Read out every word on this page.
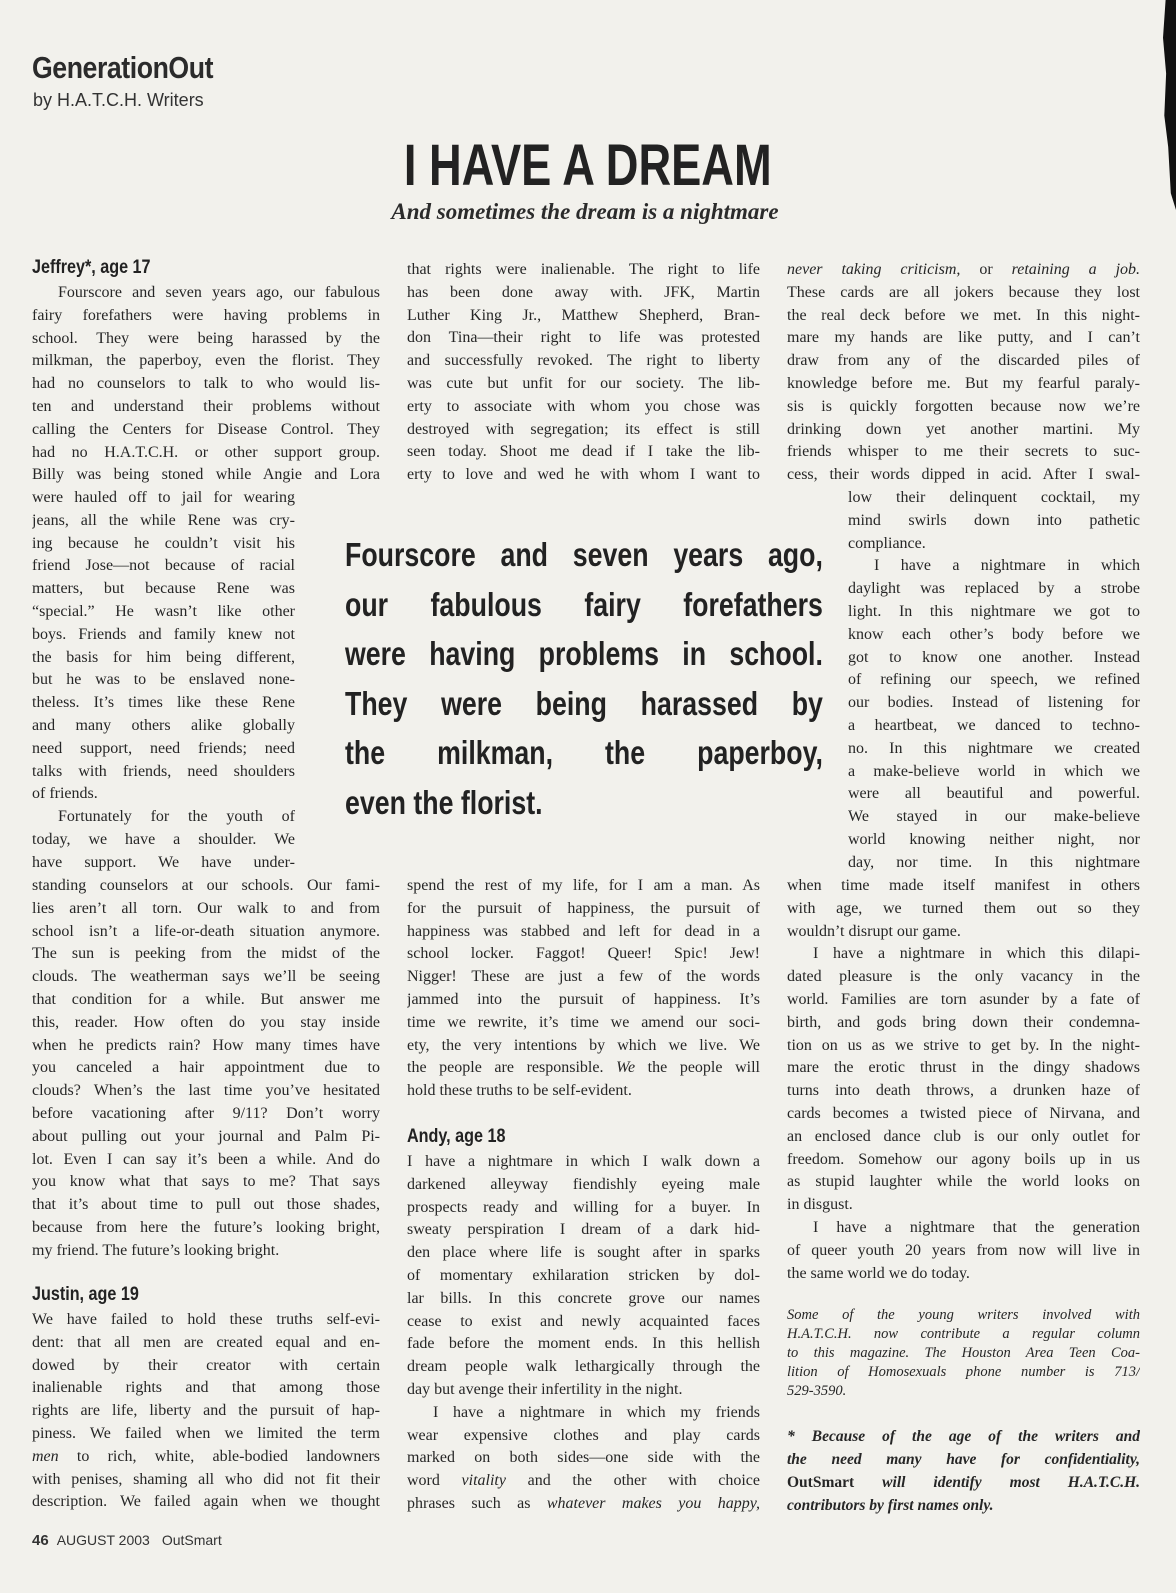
GenerationOut
by H.A.T.C.H. Writers
I HAVE A DREAM
And sometimes the dream is a nightmare
Jeffrey*, age 17
Justin, age 19
Andy, age 18
Fourscore and seven years ago, our fabulous
fairy forefathers were having problems in
school. They were being harassed by the
milkman, the paperboy, even the florist. They
had no counselors to talk to who would lis-
ten and understand their problems without
calling the Centers for Disease Control. They
had no H.A.T.C.H. or other support group.
Billy was being stoned while Angie and Lora
were hauled off to jail for wearing
jeans, all the while Rene was cry-
ing because he couldn’t visit his
friend Jose—not because of racial
matters, but because Rene was
“special.” He wasn’t like other
boys. Friends and family knew not
the basis for him being different,
but he was to be enslaved none-
theless. It’s times like these Rene
and many others alike globally
need support, need friends; need
talks with friends, need shoulders
of friends.
Fortunately for the youth of
today, we have a shoulder. We
have support. We have under-
standing counselors at our schools. Our fami-
lies aren’t all torn. Our walk to and from
school isn’t a life-or-death situation anymore.
The sun is peeking from the midst of the
clouds. The weatherman says we’ll be seeing
that condition for a while. But answer me
this, reader. How often do you stay inside
when he predicts rain? How many times have
you canceled a hair appointment due to
clouds? When’s the last time you’ve hesitated
before vacationing after 9/11? Don’t worry
about pulling out your journal and Palm Pi-
lot. Even I can say it’s been a while. And do
you know what that says to me? That says
that it’s about time to pull out those shades,
because from here the future’s looking bright,
my friend. The future’s looking bright.
We have failed to hold these truths self-evi-
dent: that all men are created equal and en-
dowed by their creator with certain
inalienable rights and that among those
rights are life, liberty and the pursuit of hap-
piness. We failed when we limited the term
men to rich, white, able-bodied landowners
with penises, shaming all who did not fit their
description. We failed again when we thought
that rights were inalienable. The right to life
has been done away with. JFK, Martin
Luther King Jr., Matthew Shepherd, Bran-
don Tina—their right to life was protested
and successfully revoked. The right to liberty
was cute but unfit for our society. The lib-
erty to associate with whom you chose was
destroyed with segregation; its effect is still
seen today. Shoot me dead if I take the lib-
erty to love and wed he with whom I want to
spend the rest of my life, for I am a man. As
for the pursuit of happiness, the pursuit of
happiness was stabbed and left for dead in a
school locker. Faggot! Queer! Spic! Jew!
Nigger! These are just a few of the words
jammed into the pursuit of happiness. It’s
time we rewrite, it’s time we amend our soci-
ety, the very intentions by which we live. We
the people are responsible. We the people will
hold these truths to be self-evident.
I have a nightmare in which I walk down a
darkened alleyway fiendishly eyeing male
prospects ready and willing for a buyer. In
sweaty perspiration I dream of a dark hid-
den place where life is sought after in sparks
of momentary exhilaration stricken by dol-
lar bills. In this concrete grove our names
cease to exist and newly acquainted faces
fade before the moment ends. In this hellish
dream people walk lethargically through the
day but avenge their infertility in the night.
I have a nightmare in which my friends
wear expensive clothes and play cards
marked on both sides—one side with the
word vitality and the other with choice
phrases such as whatever makes you happy,
never taking criticism, or retaining a job.
These cards are all jokers because they lost
the real deck before we met. In this night-
mare my hands are like putty, and I can’t
draw from any of the discarded piles of
knowledge before me. But my fearful paraly-
sis is quickly forgotten because now we’re
drinking down yet another martini. My
friends whisper to me their secrets to suc-
cess, their words dipped in acid. After I swal-
low their delinquent cocktail, my
mind swirls down into pathetic
compliance.
I have a nightmare in which
daylight was replaced by a strobe
light. In this nightmare we got to
know each other’s body before we
got to know one another. Instead
of refining our speech, we refined
our bodies. Instead of listening for
a heartbeat, we danced to techno-
no. In this nightmare we created
a make-believe world in which we
were all beautiful and powerful.
We stayed in our make-believe
world knowing neither night, nor
day, nor time. In this nightmare
when time made itself manifest in others
with age, we turned them out so they
wouldn’t disrupt our game.
I have a nightmare in which this dilapi-
dated pleasure is the only vacancy in the
world. Families are torn asunder by a fate of
birth, and gods bring down their condemna-
tion on us as we strive to get by. In the night-
mare the erotic thrust in the dingy shadows
turns into death throws, a drunken haze of
cards becomes a twisted piece of Nirvana, and
an enclosed dance club is our only outlet for
freedom. Somehow our agony boils up in us
as stupid laughter while the world looks on
in disgust.
I have a nightmare that the generation
of queer youth 20 years from now will live in
the same world we do today.
Some of the young writers involved with
H.A.T.C.H. now contribute a regular column
to this magazine. The Houston Area Teen Coa-
lition of Homosexuals phone number is 713/
529-3590.
* Because of the age of the writers and
the need many have for confidentiality,
OutSmart will identify most H.A.T.C.H.
contributors by first names only.
Fourscore and seven years ago,
our fabulous fairy forefathers
were having problems in school.
They were being harassed by
the milkman, the paperboy,
even the florist.
46 AUGUST 2003 OutSmart
